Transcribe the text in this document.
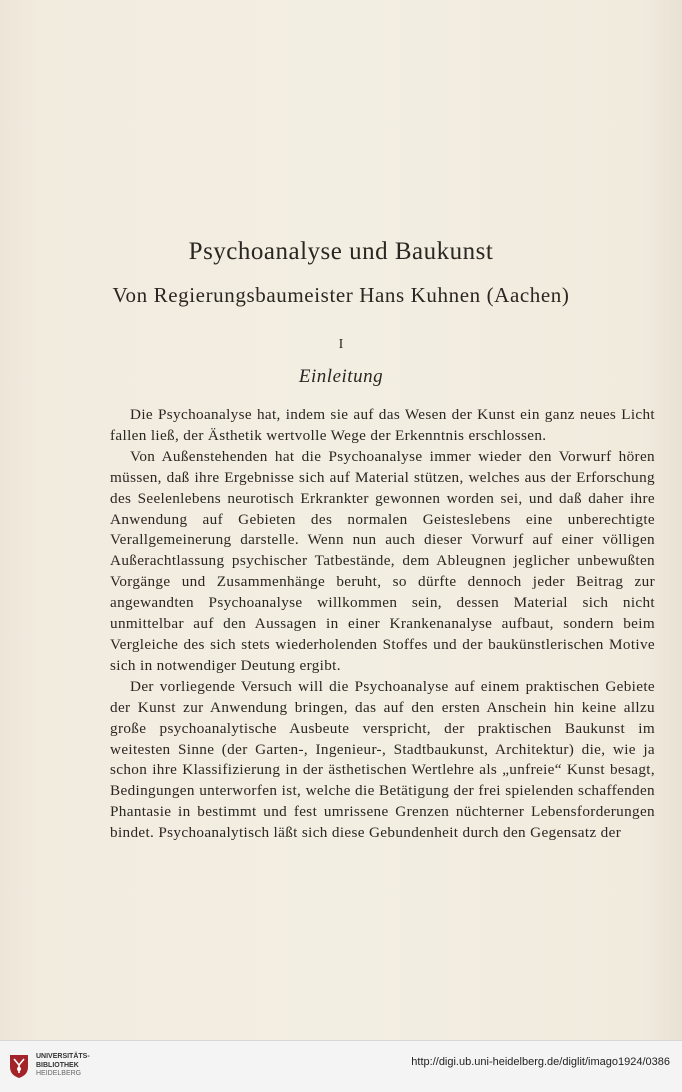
Psychoanalyse und Baukunst
Von Regierungsbaumeister Hans Kuhnen (Aachen)
I
Einleitung

Die Psychoanalyse hat, indem sie auf das Wesen der Kunst ein ganz neues Licht fallen ließ, der Ästhetik wertvolle Wege der Erkenntnis erschlossen.

Von Außenstehenden hat die Psychoanalyse immer wieder den Vorwurf hören müssen, daß ihre Ergebnisse sich auf Material stützen, welches aus der Erforschung des Seelenlebens neurotisch Erkrankter gewonnen worden sei, und daß daher ihre Anwendung auf Gebieten des normalen Geisteslebens eine unberechtigte Verallgemeinerung darstelle. Wenn nun auch dieser Vorwurf auf einer völligen Außerachtlassung psychischer Tatbestände, dem Ableugnen jeglicher unbewußten Vorgänge und Zusammenhänge beruht, so dürfte dennoch jeder Beitrag zur angewandten Psychoanalyse willkommen sein, dessen Material sich nicht unmittelbar auf den Aussagen in einer Krankenanalyse aufbaut, sondern beim Vergleiche des sich stets wiederholenden Stoffes und der baukünstlerischen Motive sich in notwendiger Deutung ergibt.

Der vorliegende Versuch will die Psychoanalyse auf einem praktischen Gebiete der Kunst zur Anwendung bringen, das auf den ersten Anschein hin keine allzu große psychoanalytische Ausbeute verspricht, der praktischen Baukunst im weitesten Sinne (der Garten-, Ingenieur-, Stadtbaukunst, Architektur) die, wie ja schon ihre Klassifizierung in der ästhetischen Wertlehre als „unfreie“ Kunst besagt, Bedingungen unterworfen ist, welche die Betätigung der frei spielenden schaffenden Phantasie in bestimmt und fest umrissene Grenzen nüchterner Lebensforderungen bindet. Psychoanalytisch läßt sich diese Gebundenheit durch den Gegensatz der

UNIVERSITÄTS-
BIBLIOTHEK
HEIDELBERG
http://digi.ub.uni-heidelberg.de/diglit/imago1924/0386
